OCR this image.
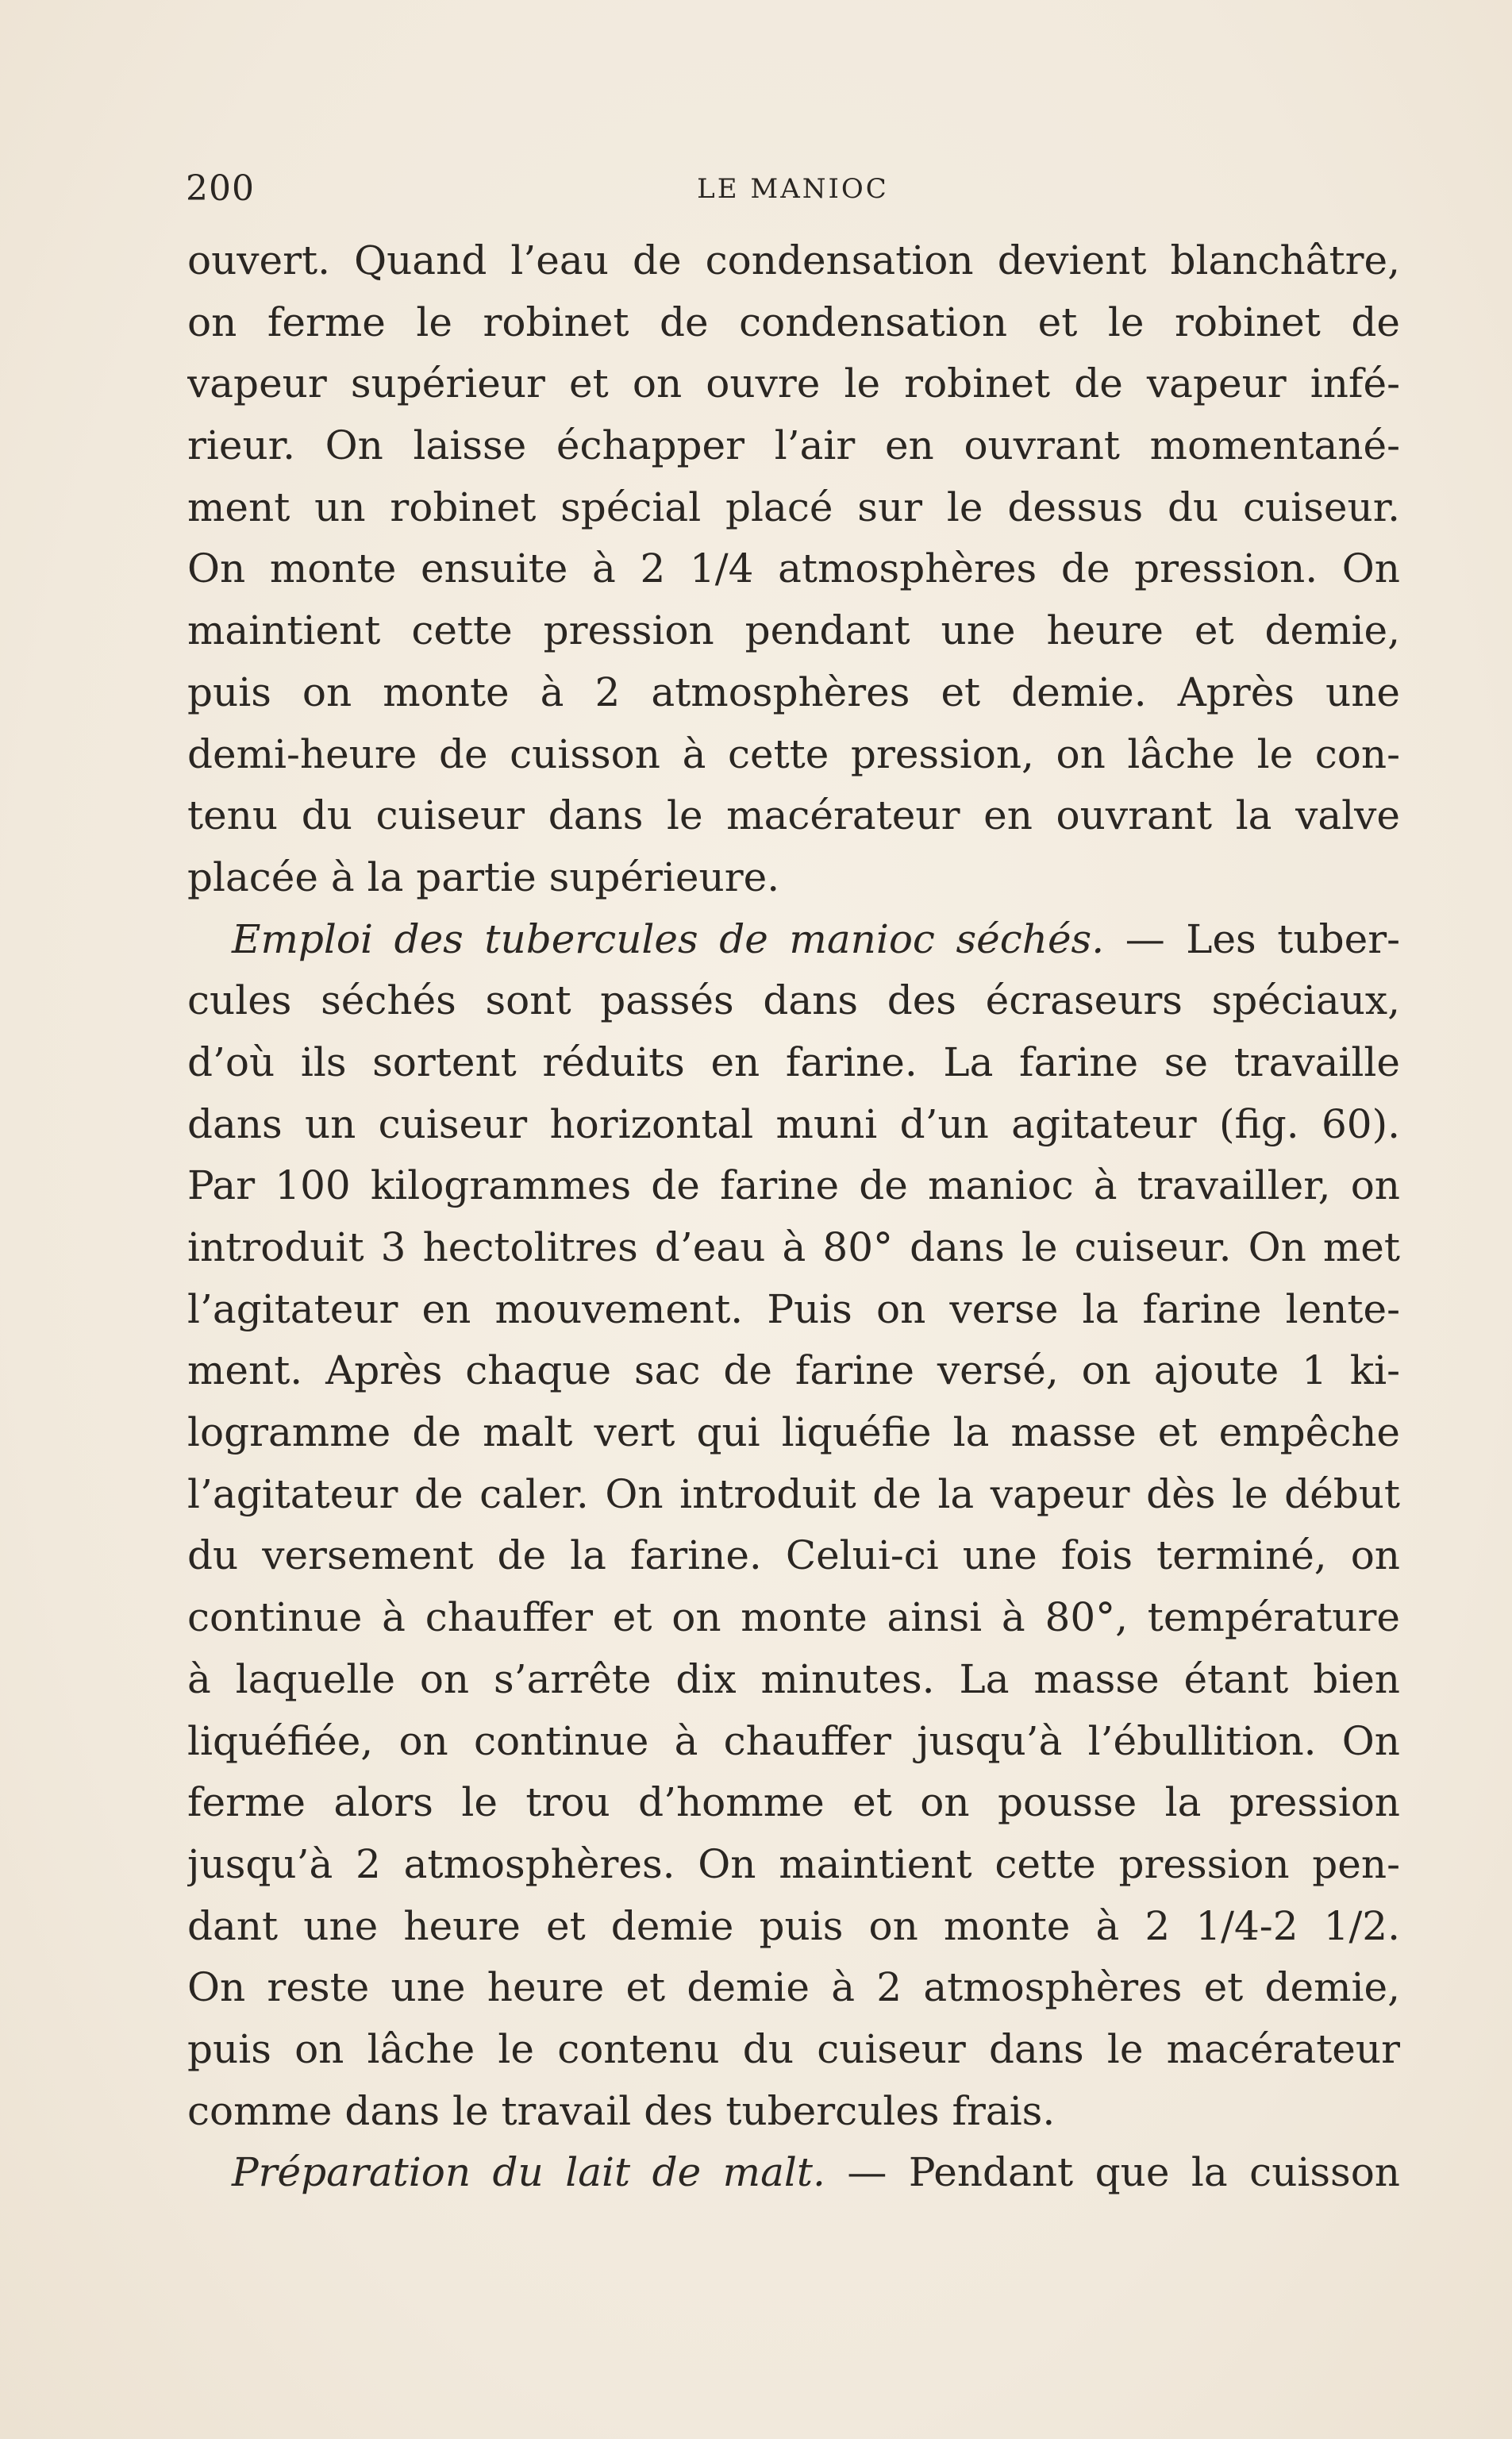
200	LE MANIOC
ouvert. Quand l’eau de condensation devient blanchâtre,
on ferme le robinet de condensation et le robinet de
vapeur supérieur et on ouvre le robinet de vapeur infé-
rieur. On laisse échapper l’air en ouvrant momentané-
ment un robinet spécial placé sur le dessus du cuiseur.
On monte ensuite à 2 1/4 atmosphères de pression. On
maintient cette pression pendant une heure et demie,
puis on monte à 2 atmosphères et demie. Après une
demi-heure de cuisson à cette pression, on lâche le con-
tenu du cuiseur dans le macérateur en ouvrant la valve
placée à la partie supérieure.
Emploi des tubercules de manioc séchés. — Les tuber-
cules séchés sont passés dans des écraseurs spéciaux,
d’où ils sortent réduits en farine. La farine se travaille
dans un cuiseur horizontal muni d’un agitateur (fig. 60).
Par 100 kilogrammes de farine de manioc à travailler, on
introduit 3 hectolitres d’eau à 80° dans le cuiseur. On met
l’agitateur en mouvement. Puis on verse la farine lente-
ment. Après chaque sac de farine versé, on ajoute 1 ki-
logramme de malt vert qui liquéfie la masse et empêche
l’agitateur de caler. On introduit de la vapeur dès le début
du versement de la farine. Celui-ci une fois terminé, on
continue à chauffer et on monte ainsi à 80°, température
à laquelle on s’arrête dix minutes. La masse étant bien
liquéfiée, on continue à chauffer jusqu’à l’ébullition. On
ferme alors le trou d’homme et on pousse la pression
jusqu’à 2 atmosphères. On maintient cette pression pen-
dant une heure et demie puis on monte à 2 1/4-2 1/2.
On reste une heure et demie à 2 atmosphères et demie,
puis on lâche le contenu du cuiseur dans le macérateur
comme dans le travail des tubercules frais.
Préparation du lait de malt. — Pendant que la cuisson
